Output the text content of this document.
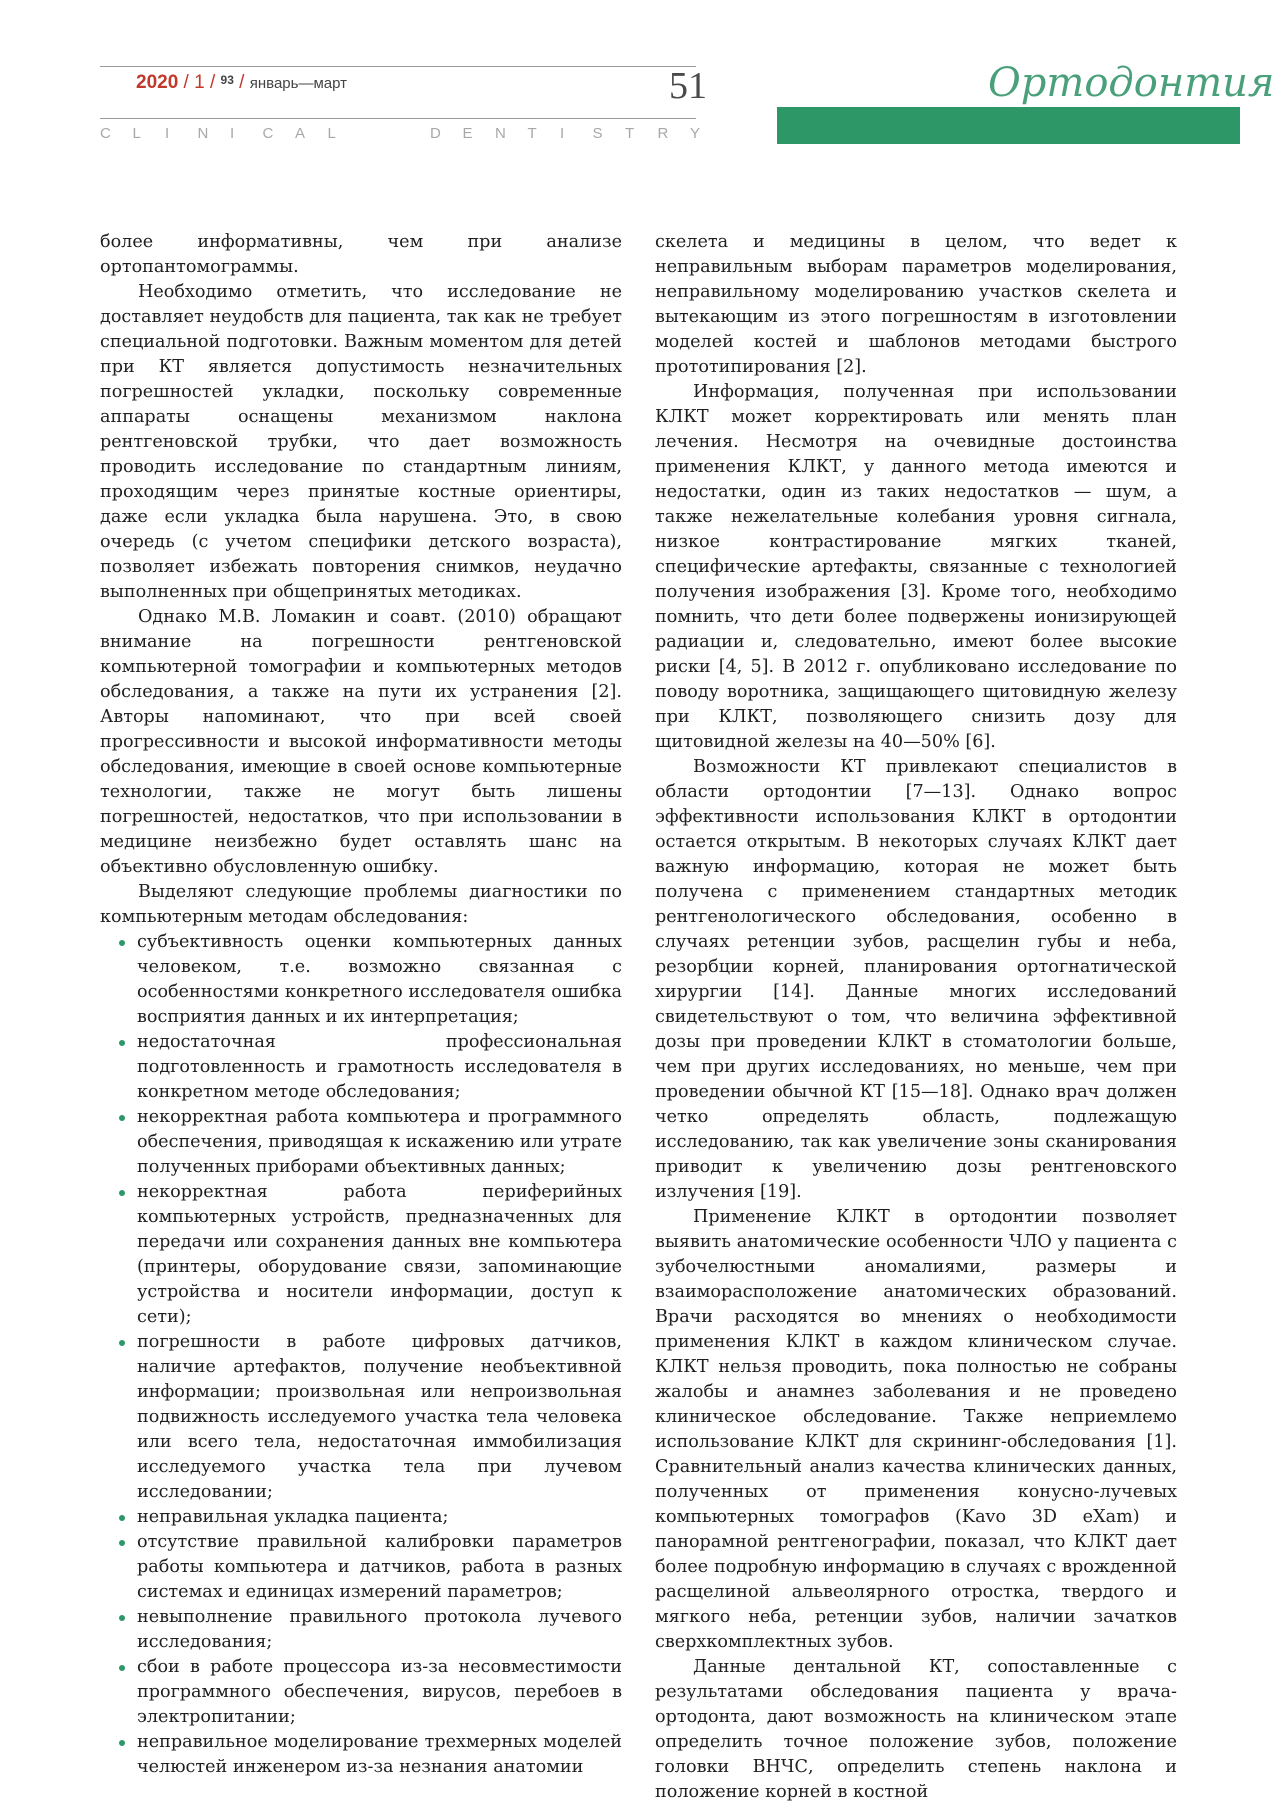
2020 / 1 / $^{93}$ / январь—март	51
C L I N I C A L	D E N T I S T R Y
Ортодонтия

более информативны, чем при анализе ортопантомограммы.

Необходимо отметить, что исследование не доставляет неудобств для пациента, так как не требует специальной подготовки. Важным моментом для детей при КТ является допустимость незначительных погрешностей укладки, поскольку современные аппараты оснащены механизмом наклона рентгеновской трубки, что дает возможность проводить исследование по стандартным линиям, проходящим через принятые костные ориентиры, даже если укладка была нарушена. Это, в свою очередь (с учетом специфики детского возраста), позволяет избежать повторения снимков, неудачно выполненных при общепринятых методиках.

Однако М.В. Ломакин и соавт. (2010) обращают внимание на погрешности рентгеновской компьютерной томографии и компьютерных методов обследования, а также на пути их устранения [2]. Авторы напоминают, что при всей своей прогрессивности и высокой информативности методы обследования, имеющие в своей основе компьютерные технологии, также не могут быть лишены погрешностей, недостатков, что при использовании в медицине неизбежно будет оставлять шанс на объективно обусловленную ошибку.

Выделяют следующие проблемы диагностики по компьютерным методам обследования:

субъективность оценки компьютерных данных человеком, т.е. возможно связанная с особенностями конкретного исследователя ошибка восприятия данных и их интерпретация;
недостаточная профессиональная подготовленность и грамотность исследователя в конкретном методе обследования;
некорректная работа компьютера и программного обеспечения, приводящая к искажению или утрате полученных приборами объективных данных;
некорректная работа периферийных компьютерных устройств, предназначенных для передачи или сохранения данных вне компьютера (принтеры, оборудование связи, запоминающие устройства и носители информации, доступ к сети);
погрешности в работе цифровых датчиков, наличие артефактов, получение необъективной информации; произвольная или непроизвольная подвижность исследуемого участка тела человека или всего тела, недостаточная иммобилизация исследуемого участка тела при лучевом исследовании;
неправильная укладка пациента;
отсутствие правильной калибровки параметров работы компьютера и датчиков, работа в разных системах и единицах измерений параметров;
невыполнение правильного протокола лучевого исследования;
сбои в работе процессора из-за несовместимости программного обеспечения, вирусов, перебоев в электропитании;
неправильное моделирование трехмерных моделей челюстей инженером из-за незнания анатомии

скелета и медицины в целом, что ведет к неправильным выборам параметров моделирования, неправильному моделированию участков скелета и вытекающим из этого погрешностям в изготовлении моделей костей и шаблонов методами быстрого прототипирования [2].

Информация, полученная при использовании КЛКТ может корректировать или менять план лечения. Несмотря на очевидные достоинства применения КЛКТ, у данного метода имеются и недостатки, один из таких недостатков — шум, а также нежелательные колебания уровня сигнала, низкое контрастирование мягких тканей, специфические артефакты, связанные с технологией получения изображения [3]. Кроме того, необходимо помнить, что дети более подвержены ионизирующей радиации и, следовательно, имеют более высокие риски [4, 5]. В 2012 г. опубликовано исследование по поводу воротника, защищающего щитовидную железу при КЛКТ, позволяющего снизить дозу для щитовидной железы на 40—50% [6].

Возможности КТ привлекают специалистов в области ортодонтии [7—13]. Однако вопрос эффективности использования КЛКТ в ортодонтии остается открытым. В некоторых случаях КЛКТ дает важную информацию, которая не может быть получена с применением стандартных методик рентгенологического обследования, особенно в случаях ретенции зубов, расщелин губы и неба, резорбции корней, планирования ортогнатической хирургии [14]. Данные многих исследований свидетельствуют о том, что величина эффективной дозы при проведении КЛКТ в стоматологии больше, чем при других исследованиях, но меньше, чем при проведении обычной КТ [15—18]. Однако врач должен четко определять область, подлежащую исследованию, так как увеличение зоны сканирования приводит к увеличению дозы рентгеновского излучения [19].

Применение КЛКТ в ортодонтии позволяет выявить анатомические особенности ЧЛО у пациента с зубочелюстными аномалиями, размеры и взаиморасположение анатомических образований. Врачи расходятся во мнениях о необходимости применения КЛКТ в каждом клиническом случае. КЛКТ нельзя проводить, пока полностью не собраны жалобы и анамнез заболевания и не проведено клиническое обследование. Также неприемлемо использование КЛКТ для скрининг-обследования [1]. Сравнительный анализ качества клинических данных, полученных от применения конусно-лучевых компьютерных томографов (Kavo 3D eXam) и панорамной рентгенографии, показал, что КЛКТ дает более подробную информацию в случаях с врожденной расщелиной альвеолярного отростка, твердого и мягкого неба, ретенции зубов, наличии зачатков сверхкомплектных зубов.

Данные дентальной КТ, сопоставленные с результатами обследования пациента у врача-ортодонта, дают возможность на клиническом этапе определить точное положение зубов, положение головки ВНЧС, определить степень наклона и положение корней в костной
